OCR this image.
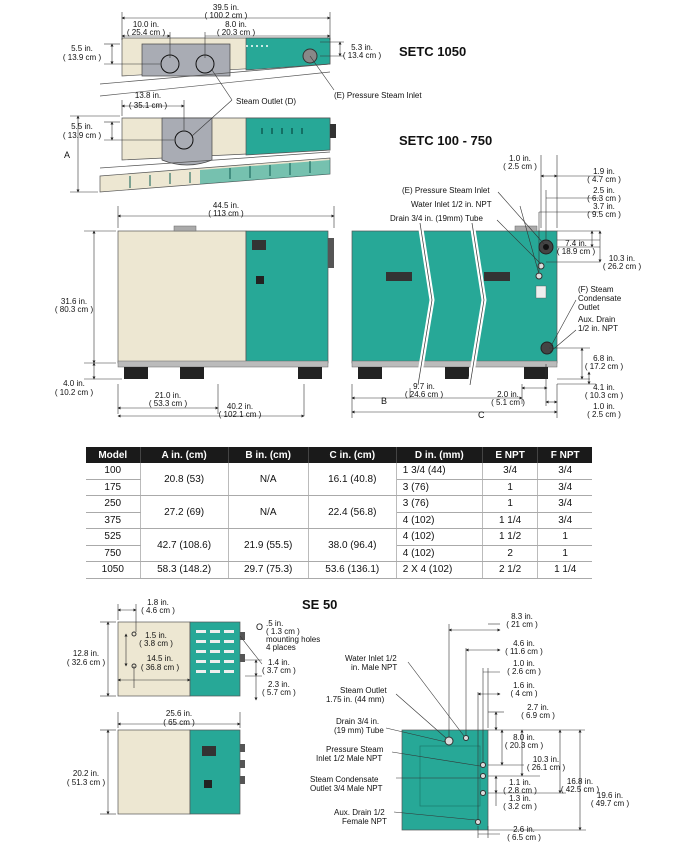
39.5 in.
( 100.2 cm )
10.0 in.
( 25.4 cm )
8.0 in.
( 20.3 cm )
5.5 in.
( 13.9 cm )
5.3 in.
( 13.4 cm )
13.8 in.
( 35.1 cm )
5.5 in.
( 13.9 cm )
Steam Outlet (D)
(E) Pressure Steam Inlet
A
44.5 in.
( 113 cm )
31.6 in.
( 80.3 cm )
4.0 in.
( 10.2 cm )	21.0 in.
( 53.3 cm )	40.2 in.
( 102.1 cm )
9.7 in.
( 24.6 cm )	2.0 in.
( 5.1 cm )	1.0 in.
( 2.5 cm )
4.1 in.
( 10.3 cm )
6.8 in.
( 17.2 cm )
B
C
1.0 in.
( 2.5 cm )
1.9 in.
( 4.7 cm )
2.5 in.
( 6.3 cm )
3.7 in.
( 9.5 cm )
7.4 in.
( 18.9 cm )
10.3 in.
( 26.2 cm )
(E) Pressure Steam Inlet
Water Inlet 1/2 in. NPT
Drain 3/4 in. (19mm) Tube
(F) Steam
Condensate
Outlet
Aux. Drain
1/2 in. NPT
1.8 in.
( 4.6 cm )
1.5 in.
( 3.8 cm )
12.8 in.
( 32.6 cm )	14.5 in.
( 36.8 cm )
O .5 in.
( 1.3 cm )
mounting holes
4 places
1.4 in.
( 3.7 cm )
2.3 in.
( 5.7 cm )
25.6 in.
( 65 cm )
20.2 in.
( 51.3 cm )
8.3 in.
( 21 cm )
4.6 in.
( 11.6 cm )
1.0 in.
( 2.6 cm )
1.6 in.
( 4 cm )
2.7 in.
( 6.9 cm )
8.0 in.
( 20.3 cm )
10.3 in.
( 26.1 cm )
16.8 in.
( 42.5 cm )
19.6 in.
( 49.7 cm )
1.1 in.
( 2.8 cm )
1.3 in.
( 3.2 cm )
2.6 in.
( 6.5 cm )
Water Inlet 1/2
in. Male NPT
Steam Outlet
1.75 in. (44 mm)
Drain 3/4 in.
(19 mm) Tube
Pressure Steam
Inlet 1/2 Male NPT
Steam Condensate
Outlet 3/4 Male NPT
Aux. Drain 1/2
Female NPT
SETC 1050
SETC 100 - 750
SE 50
Model	A in. (cm)	B in. (cm)	C in. (cm)	D in. (mm)	E NPT	F NPT
100	20.8 (53)	N/A	16.1 (40.8)	1 3/4 (44)	3/4	3/4
175				3 (76)	1	3/4
250	27.2 (69)	N/A	22.4 (56.8)	3 (76)	1	3/4
375				4 (102)	1 1/4	3/4
525	42.7 (108.6)	21.9 (55.5)	38.0 (96.4)	4 (102)	1 1/2	1
750				4 (102)	2	1
1050	58.3 (148.2)	29.7 (75.3)	53.6 (136.1)	2 X 4 (102)	2 1/2	1 1/4
